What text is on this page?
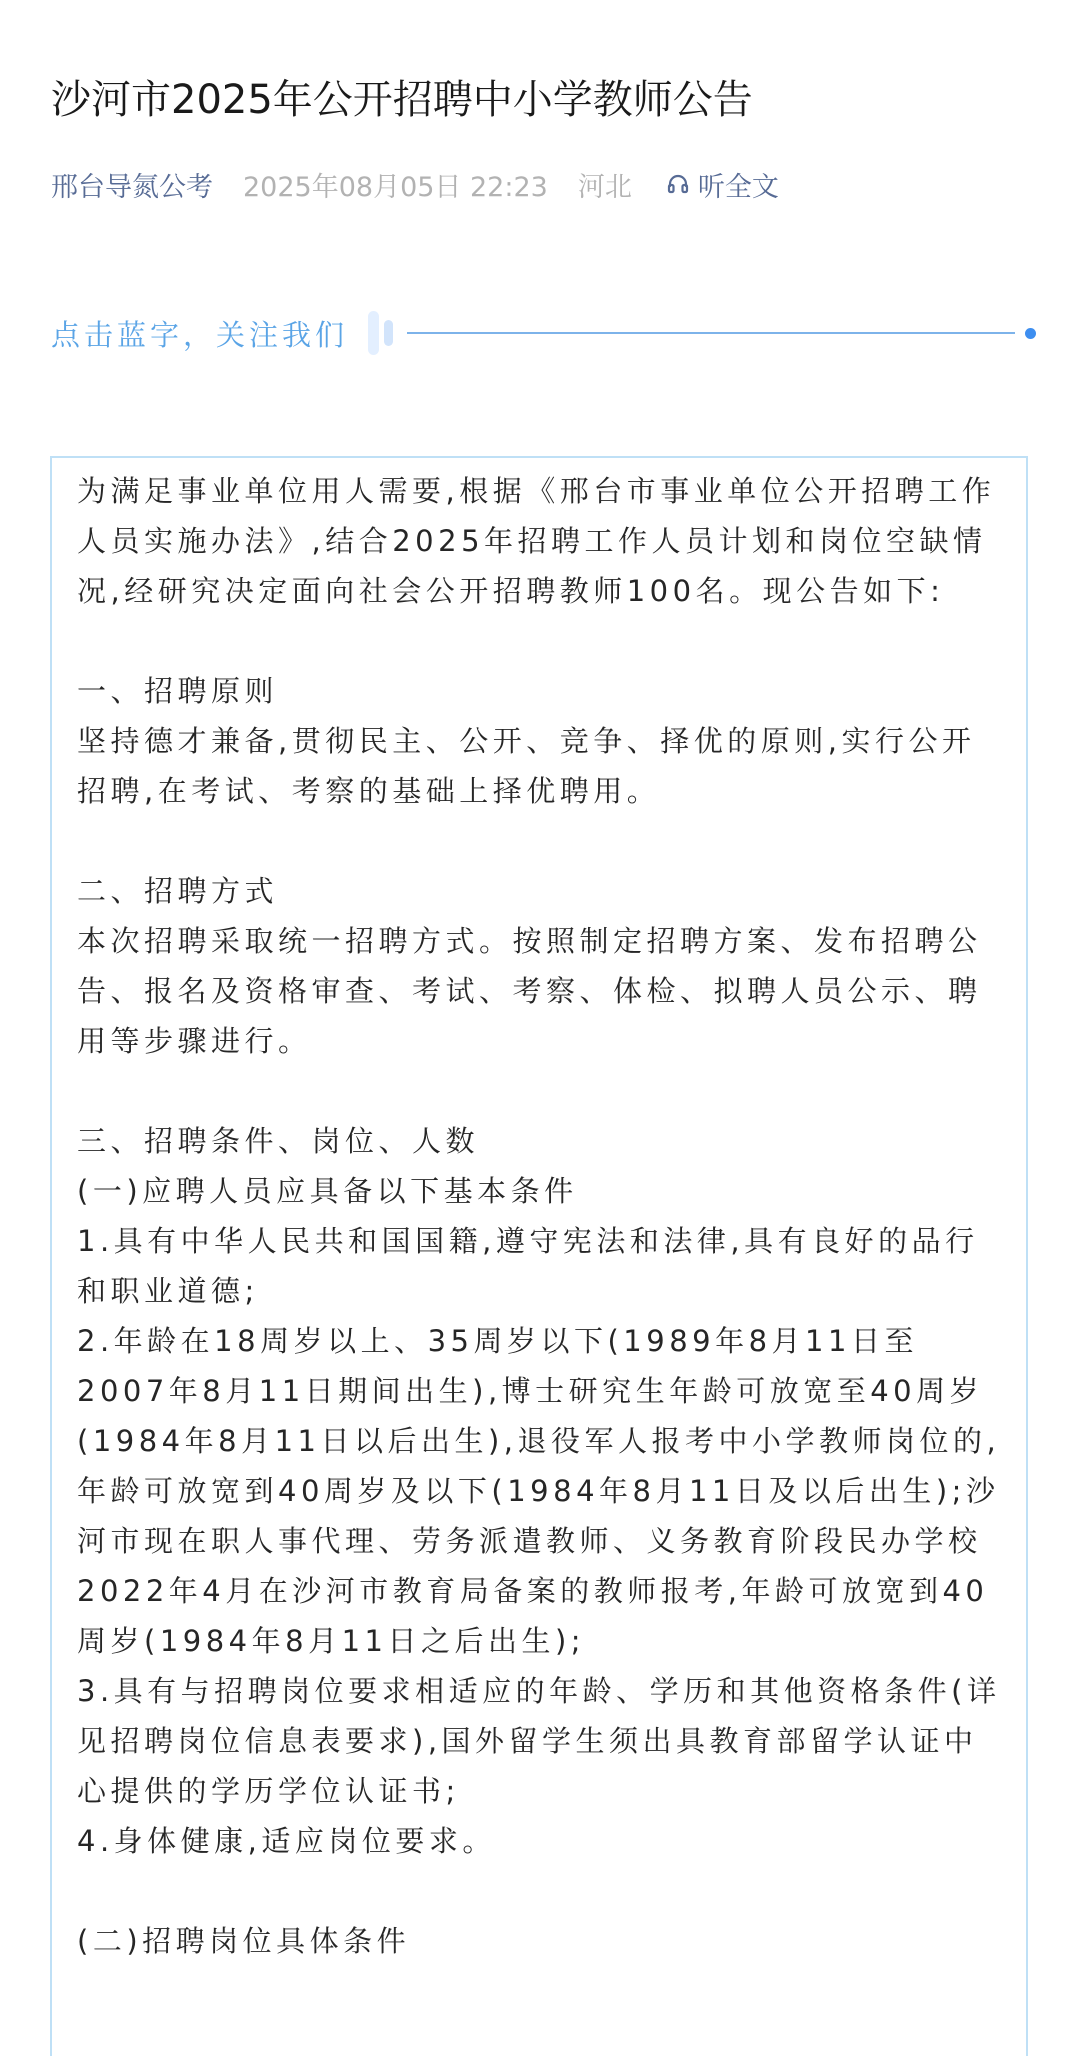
沙河市2025年公开招聘中小学教师公告
邢台导氮公考 2025年08月05日 22:23 河北 听全文
点击蓝字，关注我们

为满足事业单位用人需要,根据《邢台市事业单位公开招聘工作人员实施办法》,结合2025年招聘工作人员计划和岗位空缺情况,经研究决定面向社会公开招聘教师100名。现公告如下:

一、招聘原则

坚持德才兼备,贯彻民主、公开、竞争、择优的原则,实行公开招聘,在考试、考察的基础上择优聘用。

二、招聘方式

本次招聘采取统一招聘方式。按照制定招聘方案、发布招聘公告、报名及资格审查、考试、考察、体检、拟聘人员公示、聘用等步骤进行。

三、招聘条件、岗位、人数

(一)应聘人员应具备以下基本条件

1.具有中华人民共和国国籍,遵守宪法和法律,具有良好的品行和职业道德;

2.年龄在18周岁以上、35周岁以下(1989年8月11日至2007年8月11日期间出生),博士研究生年龄可放宽至40周岁(1984年8月11日以后出生),退役军人报考中小学教师岗位的,年龄可放宽到40周岁及以下(1984年8月11日及以后出生);沙河市现在职人事代理、劳务派遣教师、义务教育阶段民办学校2022年4月在沙河市教育局备案的教师报考,年龄可放宽到40周岁(1984年8月11日之后出生);

3.具有与招聘岗位要求相适应的年龄、学历和其他资格条件(详见招聘岗位信息表要求),国外留学生须出具教育部留学认证中心提供的学历学位认证书;

4.身体健康,适应岗位要求。

(二)招聘岗位具体条件
